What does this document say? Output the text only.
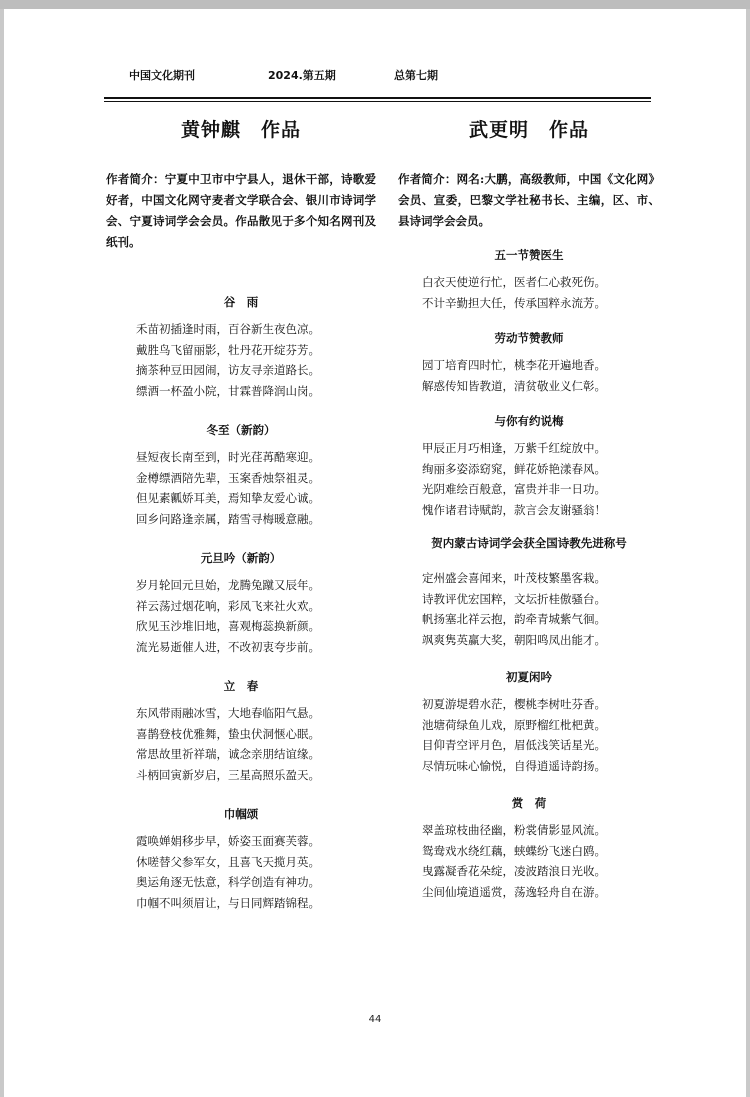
中国文化期刊	2024.第五期	总第七期
黄钟麒　作品
作者简介：宁夏中卫市中宁县人，退休干部，诗歌爱好者，中国文化网守麦者文学联合会、银川市诗词学会、宁夏诗词学会会员。作品散见于多个知名网刊及纸刊。
谷　雨
禾苗初插逢时雨，百谷新生夜色凉。
戴胜鸟飞留丽影，牡丹花开绽芬芳。
摘茶种豆田园闹，访友寻亲道路长。
缥酒一杯盈小院，甘霖普降润山岗。
冬至（新韵）
昼短夜长南至到，时光荏苒酷寒迎。
金樽缥酒陪先辈，玉案香烛祭祖灵。
但见素瓤娇耳美，焉知挚友爱心诚。
回乡问路逢亲属，踏雪寻梅暖意融。
元旦吟（新韵）
岁月轮回元旦始，龙腾兔蹴又辰年。
祥云荡过烟花响，彩凤飞来社火欢。
欣见玉沙堆旧地，喜观梅蕊换新颜。
流光易逝催人进，不改初衷夸步前。
立　春
东风带雨融冰雪，大地春临阳气悬。
喜鹊登枝优雅舞，蛰虫伏洞惬心眠。
常思故里祈祥瑞，诚念亲朋结谊缘。
斗柄回寅新岁启，三星高照乐盈天。
巾帼颂
霞唤婵娟移步早，娇姿玉面赛芙蓉。
休嗟替父参军女，且喜飞天揽月英。
奥运角逐无怯意，科学创造有神功。
巾帼不叫须眉让，与日同辉踏锦程。
武更明　作品
作者简介：网名:大鹏，高级教师，中国《文化网》会员、宣委，巴黎文学社秘书长、主编，区、市、县诗词学会会员。
五一节赞医生
白衣天使逆行忙，医者仁心救死伤。
不计辛勤担大任，传承国粹永流芳。
劳动节赞教师
园丁培育四时忙，桃李花开遍地香。
解惑传知皆教道，清贫敬业义仁彰。
与你有约说梅
甲辰正月巧相逢，万紫千红绽放中。
绚丽多姿添窈窕，鲜花娇艳漾春风。
光阴难绘百般意，富贵并非一日功。
愧作诸君诗赋韵，款言会友谢骚翁！
贺内蒙古诗词学会获全国诗教先进称号
定州盛会喜闻来，叶茂枝繁墨客栽。
诗教评优宏国粹，文坛折桂傲骚台。
帆扬塞北祥云抱，韵牵青城紫气徊。
飒爽隽英赢大奖，朝阳鸣凤出能才。
初夏闲吟
初夏游堤碧水茫，樱桃李树吐芬香。
池塘荷绿鱼儿戏，原野榴红枇杷黄。
目仰青空评月色，眉低浅笑话星光。
尽情玩味心愉悦，自得逍遥诗韵扬。
赏　荷
翠盖琼枝曲径幽，粉裳倩影显风流。
鸳鸯戏水绕红藕，蛱蝶纷飞迷白鸥。
曳露凝香花朵绽，凌波踏浪日光收。
尘间仙境逍遥赏，荡逸轻舟自在游。
44
